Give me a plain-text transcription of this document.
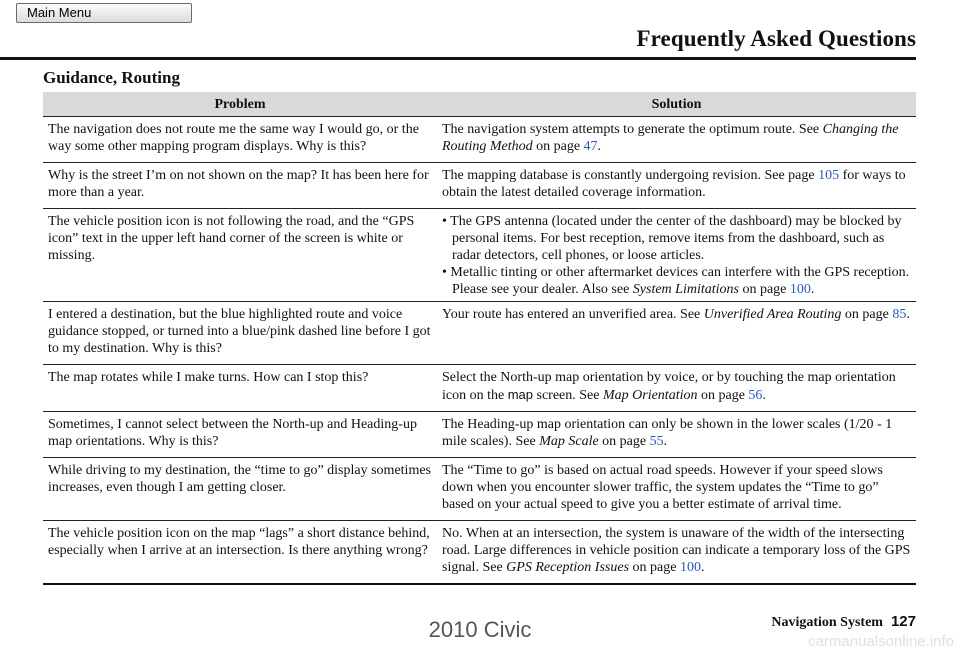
Main Menu
Frequently Asked Questions
Guidance, Routing
Problem	Solution
The navigation does not route me the same way I would go, or the way some other mapping program displays. Why is this?	The navigation system attempts to generate the optimum route. See Changing the Routing Method on page 47.
Why is the street I’m on not shown on the map? It has been here for more than a year.	The mapping database is constantly undergoing revision. See page 105 for ways to obtain the latest detailed coverage information.
The vehicle position icon is not following the road, and the “GPS icon” text in the upper left hand corner of the screen is white or missing.	• The GPS antenna (located under the center of the dashboard) may be blocked by personal items. For best reception, remove items from the dashboard, such as radar detectors, cell phones, or loose articles.
• Metallic tinting or other aftermarket devices can interfere with the GPS reception. Please see your dealer. Also see System Limitations on page 100.

I entered a destination, but the blue highlighted route and voice guidance stopped, or turned into a blue/pink dashed line before I got to my destination. Why is this?	Your route has entered an unverified area. See Unverified Area Routing on page 85.
The map rotates while I make turns. How can I stop this?	Select the North-up map orientation by voice, or by touching the map orientation icon on the map screen. See Map Orientation on page 56.
Sometimes, I cannot select between the North-up and Heading-up map orientations. Why is this?	The Heading-up map orientation can only be shown in the lower scales (1/20 - 1 mile scales). See Map Scale on page 55.
While driving to my destination, the “time to go” display sometimes increases, even though I am getting closer.	The “Time to go” is based on actual road speeds. However if your speed slows down when you encounter slower traffic, the system updates the “Time to go” based on your actual speed to give you a better estimate of arrival time.
The vehicle position icon on the map “lags” a short distance behind, especially when I arrive at an intersection. Is there anything wrong?	No. When at an intersection, the system is unaware of the width of the intersecting road. Large differences in vehicle position can indicate a temporary loss of the GPS signal. See GPS Reception Issues on page 100.
Navigation System 127
2010 Civic	carmanualsonline.info
